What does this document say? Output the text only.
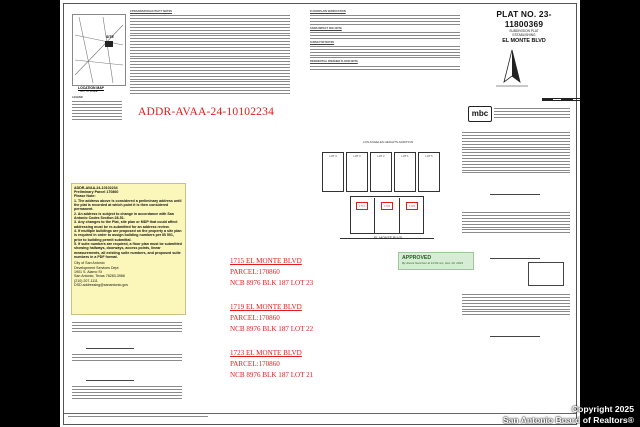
SITE
LOCATION MAP
NOT TO SCALE
LEGEND
CPS/SAWS/COSA/UTILITY NOTES	FLOODPLAIN VERIFICATION
SAWS IMPACT FEE NOTE
SURVEYOR NOTES
RESIDENTIAL FINISHED FLOOR NOTE
PLAT NO. 23-11800369
SUBDIVISION PLAT
ESTABLISHING
EL MONTE BLVD
mbc
ADDR-AVAA-24-10102234
LOS ANGELES HEIGHTS ADDITION
LOT 4	LOT 3	LOT 2	LOT 1	LOT 5
1715	1719	1723
EL MONTE BLVD

ADDR-AVAA-24-10102234

Preliminary Parcel 170860

Please Note:

1. The address above is considered a preliminary address until the plat is recorded at which point it is then considered permanent.

2. An address is subject to change in accordance with San Antonio Codes Section 28-51.

3. Any changes to the Plat, site plan or MDP that could affect addressing must be re-submitted for an address review.

4. If multiple buildings are proposed on the property a site plan is required in order to assign building numbers per IB 501, prior to building permit submittal.

5. If suite numbers are required, a floor plan must be submitted showing hallways, doorways, access points, linear measurements, all existing suite numbers, and proposed suite numbers in a PDF format.

City of San Antonio

Development Services Dept

1901 S. Alamo St

San Antonio, Texas 78283-3966

(210) 207-1111

DSD.addressing@sanantonio.gov

APPROVED
By Alexis Sanchez at 10:04 am, Dec 19, 2024
1715 EL MONTE BLVD
PARCEL:170860
NCB 8976 BLK 187 LOT 23
1719 EL MONTE BLVD
PARCEL:170860
NCB 8976 BLK 187 LOT 22
1723 EL MONTE BLVD
PARCEL:170860
NCB 8976 BLK 187 LOT 21
Copyright 2025
San Antonio Board of Realtors®
